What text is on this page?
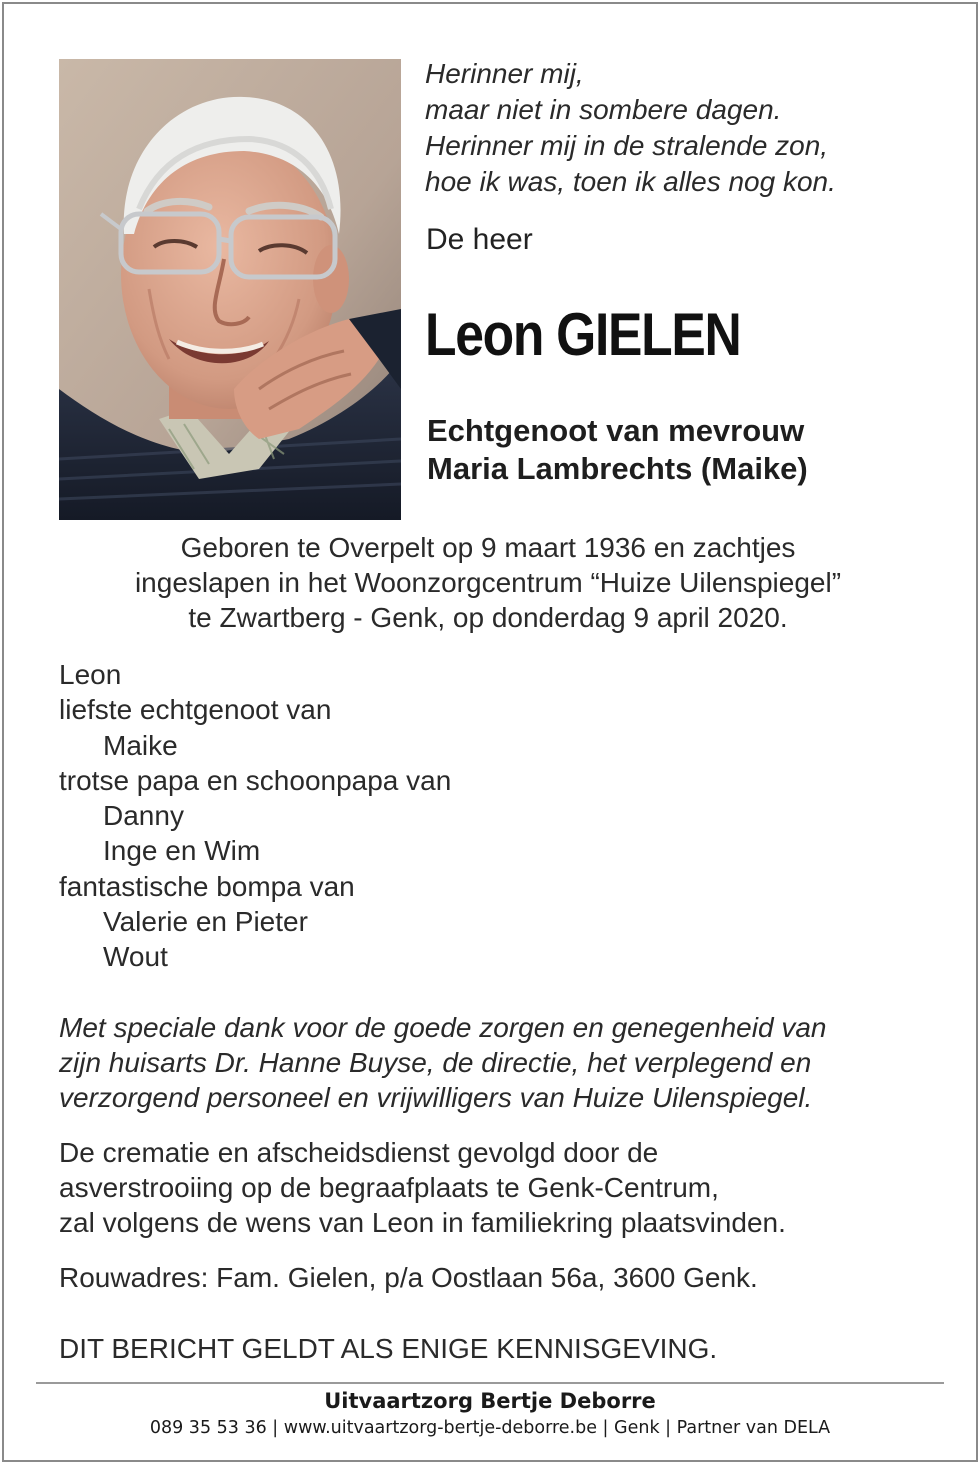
Herinner mij,
maar niet in sombere dagen.
Herinner mij in de stralende zon,
hoe ik was, toen ik alles nog kon.
De heer
Leon GIELEN
Echtgenoot van mevrouw
Maria Lambrechts (Maike)
Geboren te Overpelt op 9 maart 1936 en zachtjes
ingeslapen in het Woonzorgcentrum “Huize Uilenspiegel”
te Zwartberg - Genk, op donderdag 9 april 2020.
Leon
liefste echtgenoot van
Maike
trotse papa en schoonpapa van
Danny
Inge en Wim
fantastische bompa van
Valerie en Pieter
Wout
Met speciale dank voor de goede zorgen en genegenheid van
zijn huisarts Dr. Hanne Buyse, de directie, het verplegend en
verzorgend personeel en vrijwilligers van Huize Uilenspiegel.
De crematie en afscheidsdienst gevolgd door de
asverstrooiing op de begraafplaats te Genk-Centrum,
zal volgens de wens van Leon in familiekring plaatsvinden.
Rouwadres: Fam. Gielen, p/a Oostlaan 56a, 3600 Genk.
DIT BERICHT GELDT ALS ENIGE KENNISGEVING.
Uitvaartzorg Bertje Deborre
089 35 53 36 | www.uitvaartzorg-bertje-deborre.be | Genk | Partner van DELA
